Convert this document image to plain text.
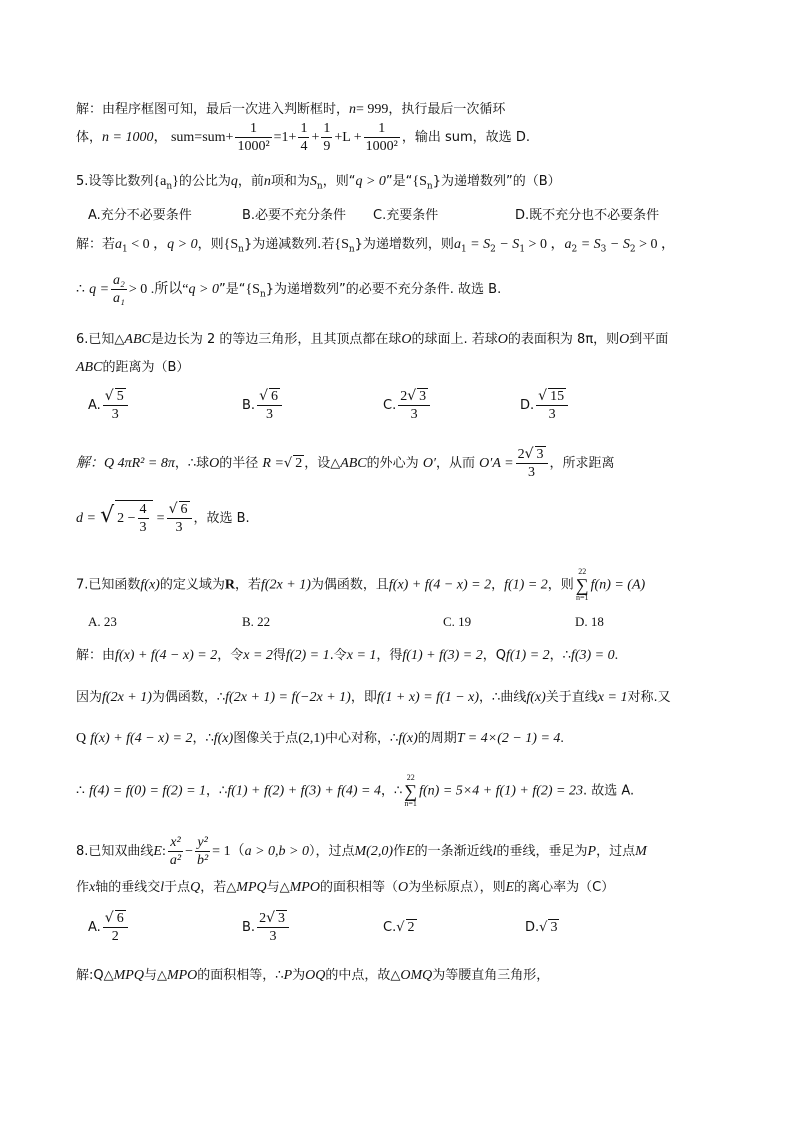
解：由程序框图可知，最后一次进入判断框时，n= 999，执行最后一次循环
体，n = 1000， $sum=sum+ \frac{1}{\text{1000²}} =1+ \frac{1}{4} + \frac{1}{9} +L + \frac{1}{\text{1000²}}$ ，输出 sum，故选 D.
5.设等比数列$\{a_n\}$的公比为q，前n项和为$S_n$，则“q > 0”是“$\{S_n\}$为递增数列”的（B）
A.充分不必要条件	B.必要不充分条件 C.充要条件	D.既不充分也不必要条件
解：若$a_1 < 0$ ，q > 0，则$\{S_n\}$为递减数列.若$\{S_n\}$为递增数列，则$a_1 = S_2 - S_1 > 0$ ，$a_2 = S_3 - S_2 > 0$ ，
∴ $q = \frac{\text{a₂}}{\text{a₁}} > 0$ .所以“q > 0”是“$\{S_n\}$为递增数列”的必要不充分条件. 故选 B.
6.已知△ABC是边长为 2 的等边三角形，且其顶点都在球O的球面上. 若球O的表面积为 8π，则O到平面
ABC的距离为（B）
A. $\frac{√ 5}{3}$	B. $\frac{√ 6}{3}$	C. $\frac{2√ 3}{3}$	D. $\frac{√ 15}{3}$
解：Q 4πR² = 8π，∴球O的半径 R =√ 2 ，设△ABC的外心为 O′，从而 $O'A = \frac{2√ 3}{3}$ ，所求距离
d = √ $2 - \frac{4}{3} = \frac{√ 6}{3}$ ，故选 B.
7.已知函数f(x)的定义域为R，若f(2x + 1)为偶函数，且f(x) + f(4 − x) = 2，f(1) = 2，则
22
∑
n=1
f(n) = (A)
A. 23	B. 22	C. 19	D. 18
解：由f(x) + f(4 − x) = 2，令x = 2得f(2) = 1.令x = 1，得f(1) + f(3) = 2，Qf(1) = 2，∴f(3) = 0.
因为f(2x + 1)为偶函数，∴f(2x + 1) = f(−2x + 1)，即f(1 + x) = f(1 − x)，∴曲线f(x)关于直线x = 1对称.又
Q f(x) + f(4 − x) = 2，∴f(x)图像关于点(2,1)中心对称，∴f(x)的周期T = 4×(2 − 1) = 4.
∴ f(4) = f(0) = f(2) = 1，∴f(1) + f(2) + f(3) + f(4) = 4，∴
22
∑
n=1
f(n) = 5×4 + f(1) + f(2) = 23. 故选 A.
8.已知双曲线E: $\frac{\text{x²}}{\text{a²}} - \frac{\text{y²}}{\text{b²}} = 1(a > 0,b > 0)$，过点M(2,0)作E的一条渐近线l的垂线，垂足为P，过点M
作x轴的垂线交l于点Q，若△MPQ与△MPO的面积相等（O为坐标原点），则E的离心率为（C）
A. $\frac{√ 6}{2}$	B. $\frac{2√ 3}{3}$	C.√ 2	D.√ 3
解:Q△MPQ与△MPO的面积相等，∴P为OQ的中点，故△OMQ为等腰直角三角形，
